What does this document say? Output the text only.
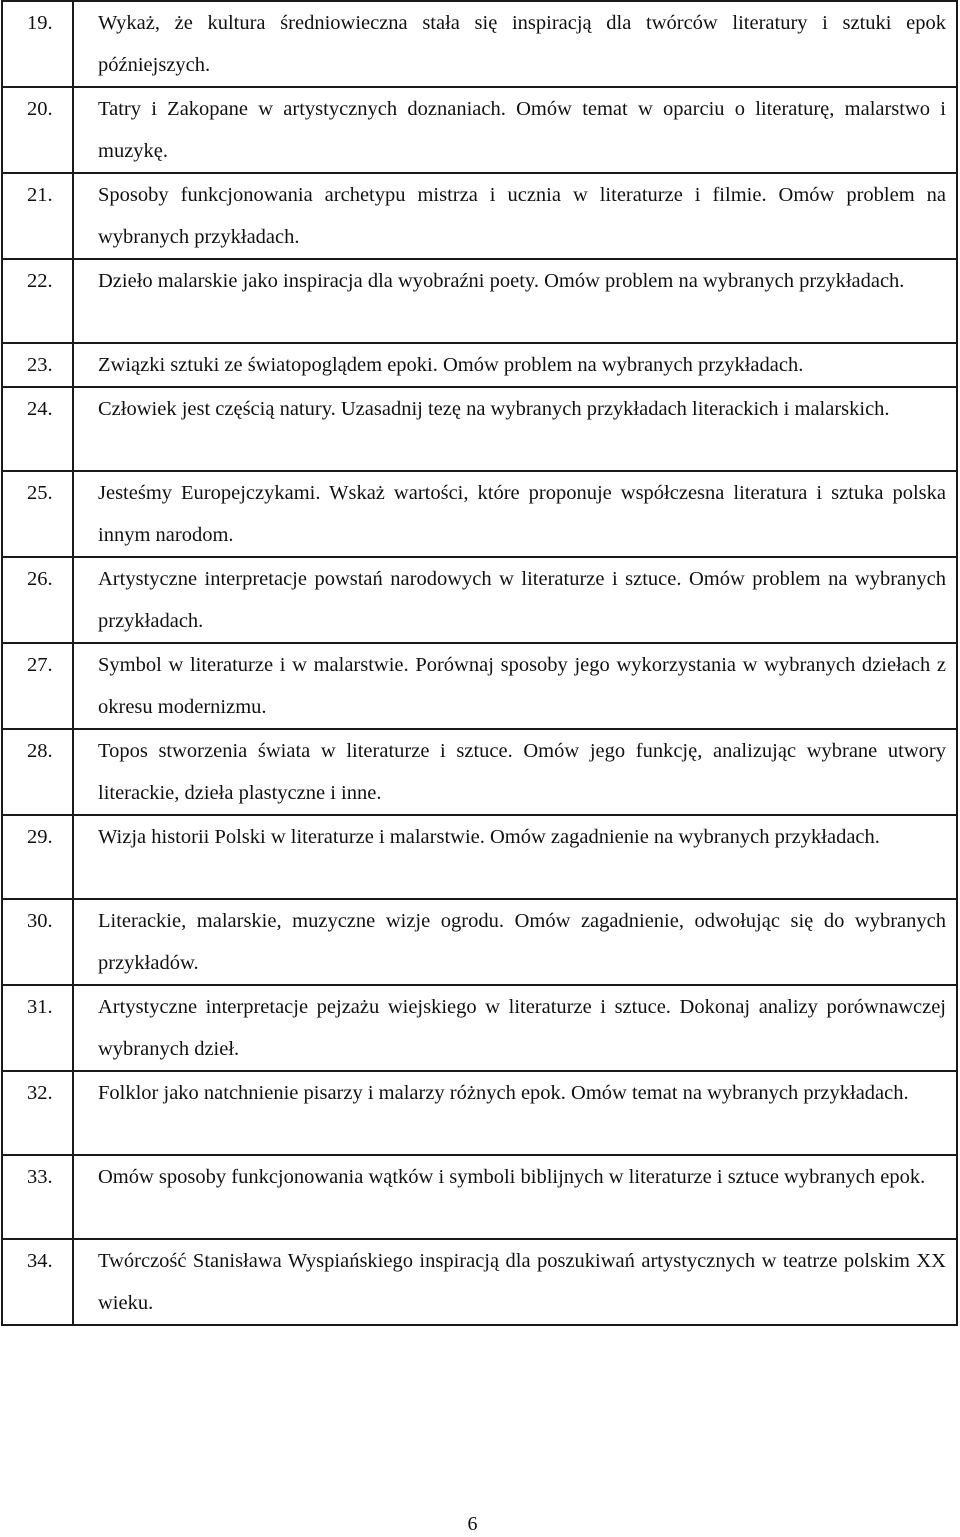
19.	Wykaż, że kultura średniowieczna stała się inspiracją dla twórców literatury i sztuki epok późniejszych.
20.	Tatry i Zakopane w artystycznych doznaniach. Omów temat w oparciu o literaturę, malarstwo i muzykę.
21.	Sposoby funkcjonowania archetypu mistrza i ucznia w literaturze i filmie. Omów problem na wybranych przykładach.
22.	Dzieło malarskie jako inspiracja dla wyobraźni poety. Omów problem na wybranych przykładach.
23.	Związki sztuki ze światopoglądem epoki. Omów problem na wybranych przykładach.
24.	Człowiek jest częścią natury. Uzasadnij tezę na wybranych przykładach literackich i malarskich.
25.	Jesteśmy Europejczykami. Wskaż wartości, które proponuje współczesna literatura i sztuka polska innym narodom.
26.	Artystyczne interpretacje powstań narodowych w literaturze i sztuce. Omów problem na wybranych przykładach.
27.	Symbol w literaturze i w malarstwie. Porównaj sposoby jego wykorzystania w wybranych dziełach z okresu modernizmu.
28.	Topos stworzenia świata w literaturze i sztuce. Omów jego funkcję, analizując wybrane utwory literackie, dzieła plastyczne i inne.
29.	Wizja historii Polski w literaturze i malarstwie. Omów zagadnienie na wybranych przykładach.
30.	Literackie, malarskie, muzyczne wizje ogrodu. Omów zagadnienie, odwołując się do wybranych przykładów.
31.	Artystyczne interpretacje pejzażu wiejskiego w literaturze i sztuce. Dokonaj analizy porównawczej wybranych dzieł.
32.	Folklor jako natchnienie pisarzy i malarzy różnych epok. Omów temat na wybranych przykładach.
33.	Omów sposoby funkcjonowania wątków i symboli biblijnych w literaturze i sztuce wybranych epok.
34.	Twórczość Stanisława Wyspiańskiego inspiracją dla poszukiwań artystycznych w teatrze polskim XX wieku.
6
